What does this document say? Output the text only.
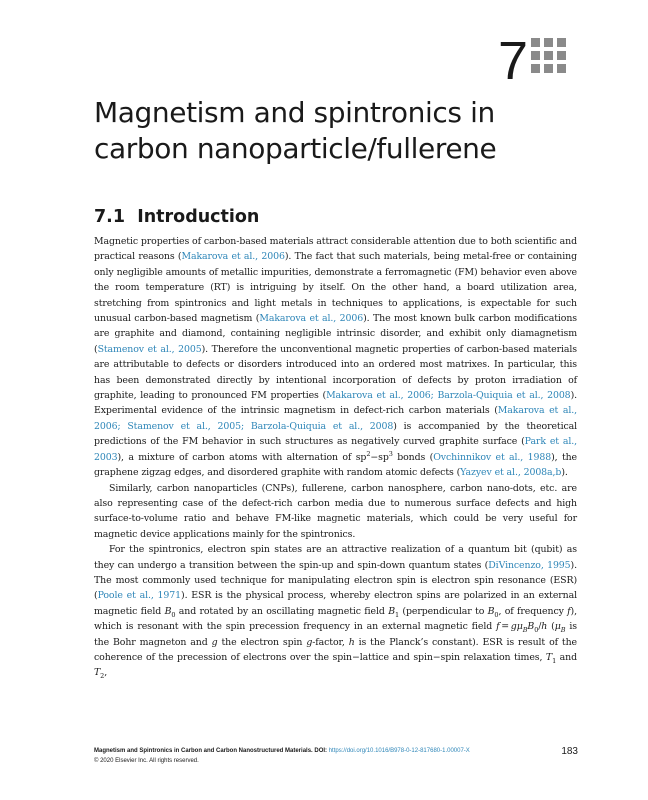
7
Magnetism and spintronics in carbon nanoparticle/fullerene
7.1 Introduction

Magnetic properties of carbon-based materials attract considerable attention due to both scientific and practical reasons (Makarova et al., 2006). The fact that such materials, being metal-free or containing only negligible amounts of metallic impurities, demonstrate a ferromagnetic (FM) behavior even above the room temperature (RT) is intriguing by itself. On the other hand, a board utilization area, stretching from spintronics and light metals in techniques to applications, is expectable for such unusual carbon-based magnetism (Makarova et al., 2006). The most known bulk carbon modifications are graphite and diamond, containing negligible intrinsic disorder, and exhibit only diamagnetism (Stamenov et al., 2005). Therefore the unconventional magnetic properties of carbon-based materials are attributable to defects or disorders introduced into an ordered most matrixes. In particular, this has been demonstrated directly by intentional incorporation of defects by proton irradiation of graphite, leading to pronounced FM properties (Makarova et al., 2006; Barzola-Quiquia et al., 2008). Experimental evidence of the intrinsic magnetism in defect-rich carbon materials (Makarova et al., 2006; Stamenov et al., 2005; Barzola-Quiquia et al., 2008) is accompanied by the theoretical predictions of the FM behavior in such structures as negatively curved graphite surface (Park et al., 2003), a mixture of carbon atoms with alternation of $sp^2-sp^3$ bonds (Ovchinnikov et al., 1988), the graphene zigzag edges, and disordered graphite with random atomic defects (Yazyev et al., 2008a,b).

Similarly, carbon nanoparticles (CNPs), fullerene, carbon nanosphere, carbon nano-dots, etc. are also representing case of the defect-rich carbon media due to numerous surface defects and high surface-to-volume ratio and behave FM-like magnetic materials, which could be very useful for magnetic device applications mainly for the spintronics.

For the spintronics, electron spin states are an attractive realization of a quantum bit (qubit) as they can undergo a transition between the spin-up and spin-down quantum states (DiVincenzo, 1995). The most commonly used technique for manipulating electron spin is electron spin resonance (ESR) (Poole et al., 1971). ESR is the physical process, whereby electron spins are polarized in an external magnetic field $B_0$ and rotated by an oscillating magnetic field $B_1$ (perpendicular to $B_0$, of frequency f), which is resonant with the spin precession frequency in an external magnetic field $f = g\mu_BB_0/h$ ($\mu_B$ is the Bohr magneton and g the electron spin g-factor, h is the Planck’s constant). ESR is result of the coherence of the precession of electrons over the spin−lattice and spin−spin relaxation times, $T_1$ and $T_2$,

Magnetism and Spintronics in Carbon and Carbon Nanostructured Materials. DOI: https://doi.org/10.1016/B978-0-12-817680-1.00007-X
© 2020 Elsevier Inc. All rights reserved.
183
